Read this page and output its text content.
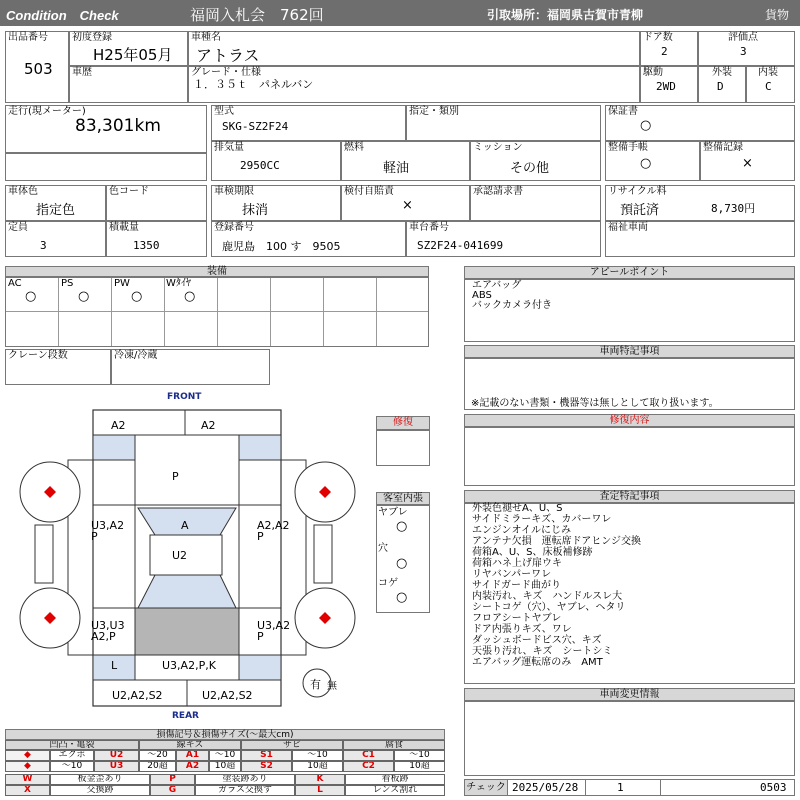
Condition　Check	福岡入札会　762回	引取場所：福岡県古賀市青柳	貨物
出品番号
503
初度登録
H25年05月
車種名
アトラス
ドア数
2
評価点
3
車歴	グレード・仕様
１．３５ｔ　パネルバン
駆動
2WD
外装
D
内装
C
走行(現メーター)
83,301km
型式
SKG-SZ2F24
指定・類別	保証書
○
排気量
2950CC
燃料
軽油
ミッション
その他
整備手帳
○
整備記録
×
車体色
指定色
色コード	車検期限
抹消
検付自賠責
×
承認請求書	リサイクル料
預託済	8,730円
定員
3
積載量
1350
登録番号
鹿児島　100 す　9505
車台番号
SZ2F24-041699
福祉車両
装備
AC
○
PS
○
PW
○
Wﾀｲﾔ
○
クレーン段数	冷凍/冷蔵
アピールポイント
エアバッグ
ABS
バックカメラ付き
車両特記事項
※記載のない書類・機器等は無しとして取り扱います。
修復内容
査定特記事項
外装色褪せA、U、S
サイドミラーキズ、カバーワレ
エンジンオイルにじみ
アンテナ欠損　運転席ドアヒンジ交換
荷箱A、U、S、床板補修跡
荷箱ハネ上げ扉ウキ
リヤバンパーワレ
サイドガード曲がり
内装汚れ、キズ　ハンドルスレ大
シートコゲ（穴）、ヤブレ、ヘタリ
フロアシートヤブレ
ドア内張りキズ、ワレ
ダッシュボードビス穴、キズ
天張り汚れ、キズ　シートシミ
エアバッグ運転席のみ　AMT
車両変更情報
チェック 2025/05/28	1	0503
FRONT
REAR
A2	A2
P
U3,A2
P
A	A2,A2
P
U2
U3,U3
A2,P
U3,A2
P
U3,A2,P,K
L
U2,A2,S2	U2,A2,S2
有 無
修復
客室内張
ヤブレ
○
穴
○
コゲ
○
損傷記号＆損傷サイズ(〜最大cm)
凹凸・亀裂	線キズ	サビ	腐食
◆	エクボ	U2	〜20	A1	〜10	S1	〜10	C1	〜10
◆	〜10	U3	20超	A2	10超	S2	10超	C2	10超
W	板金歪あり	P	塗装跡あり	K	看板跡
X	交換跡	G	ガラス交換す	L	レンズ割れ
